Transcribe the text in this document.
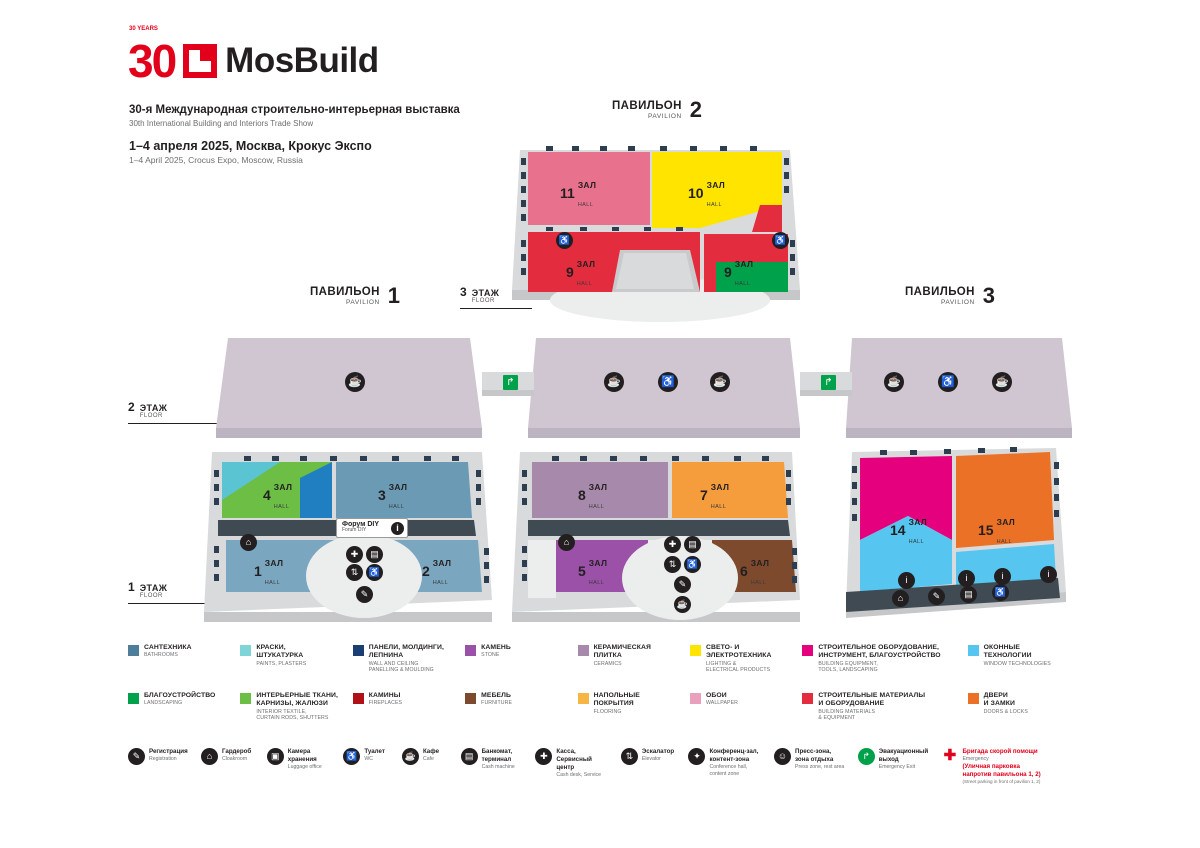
30 YEARS
30 MosBuild
30-я Международная строительно-интерьерная выставка
30th International Building and Interiors Trade Show
1–4 апреля 2025, Москва, Крокус Экспо
1–4 April 2025, Crocus Expo, Moscow, Russia
ПАВИЛЬОН
PAVILION 1
ПАВИЛЬОН
PAVILION 2
ПАВИЛЬОН
PAVILION 3
3 ЭТАЖ
FLOOR
2 ЭТАЖ
FLOOR
1 ЭТАЖ
FLOOR
11 ЗАЛ
HALL
10 ЗАЛ
HALL
9 ЗАЛ
HALL
9 ЗАЛ
HALL
4 ЗАЛ
HALL
3 ЗАЛ
HALL
1 ЗАЛ
HALL
2 ЗАЛ
HALL
8 ЗАЛ
HALL
7 ЗАЛ
HALL
5 ЗАЛ
HALL
6 ЗАЛ
HALL
14 ЗАЛ
HALL
15 ЗАЛ
HALL
Форум DIY
Forum DIY	i
☕	☕	♿	☕	☕	♿	☕
↱	↱
⌂
✚	▤
⇅	♿
✎
⌂	✚	▤
⇅	♿
✎
☕
i	i	i	i
⌂	✎	▤	♿
♿	♿
САНТЕХНИКА
BATHROOMS
КРАСКИ,
ШТУКАТУРКА
PAINTS, PLASTERS
ПАНЕЛИ, МОЛДИНГИ,
ЛЕПНИНА
WALL AND CEILING
PANELLING & MOULDING
КАМЕНЬ
STONE
КЕРАМИЧЕСКАЯ
ПЛИТКА
CERAMICS
СВЕТО- И
ЭЛЕКТРОТЕХНИКА
LIGHTING &
ELECTRICAL PRODUCTS
СТРОИТЕЛЬНОЕ ОБОРУДОВАНИЕ,
ИНСТРУМЕНТ, БЛАГОУСТРОЙСТВО
BUILDING EQUIPMENT,
TOOLS, LANDSCAPING
ОКОННЫЕ
ТЕХНОЛОГИИ
WINDOW TECHNOLOGIES
БЛАГОУСТРОЙСТВО
LANDSCAPING
ИНТЕРЬЕРНЫЕ ТКАНИ,
КАРНИЗЫ, ЖАЛЮЗИ
INTERIOR TEXTILE,
CURTAIN RODS, SHUTTERS
КАМИНЫ
FIREPLACES
МЕБЕЛЬ
FURNITURE
НАПОЛЬНЫЕ
ПОКРЫТИЯ
FLOORING
ОБОИ
WALLPAPER
СТРОИТЕЛЬНЫЕ МАТЕРИАЛЫ
И ОБОРУДОВАНИЕ
BUILDING MATERIALS
& EQUIPMENT
ДВЕРИ
И ЗАМКИ
DOORS & LOCKS
✎	Регистрация
Registration	⌂	Гардероб
Cloakroom	▣	Камера
хранения
Luggage office
♿	Туалет
WC	☕	Кафе
Cafe	▤	Банкомат,
терминал
Cash machine
✚	Касса,
Сервисный центр
Cash desk, Service
⇅	Эскалатор
Elevator	✦	Конференц-зал,
контент-зона
Conference hall,
content zone
☺	Пресс-зона,
зона отдыха
Press zone, rest area
↱	Эвакуационный
выход
Emergency Exit
✚	Бригада скорой помощи
Emergency
(Уличная парковка
напротив павильона 1, 2)
(Street parking in front of pavilion 1, 2)
